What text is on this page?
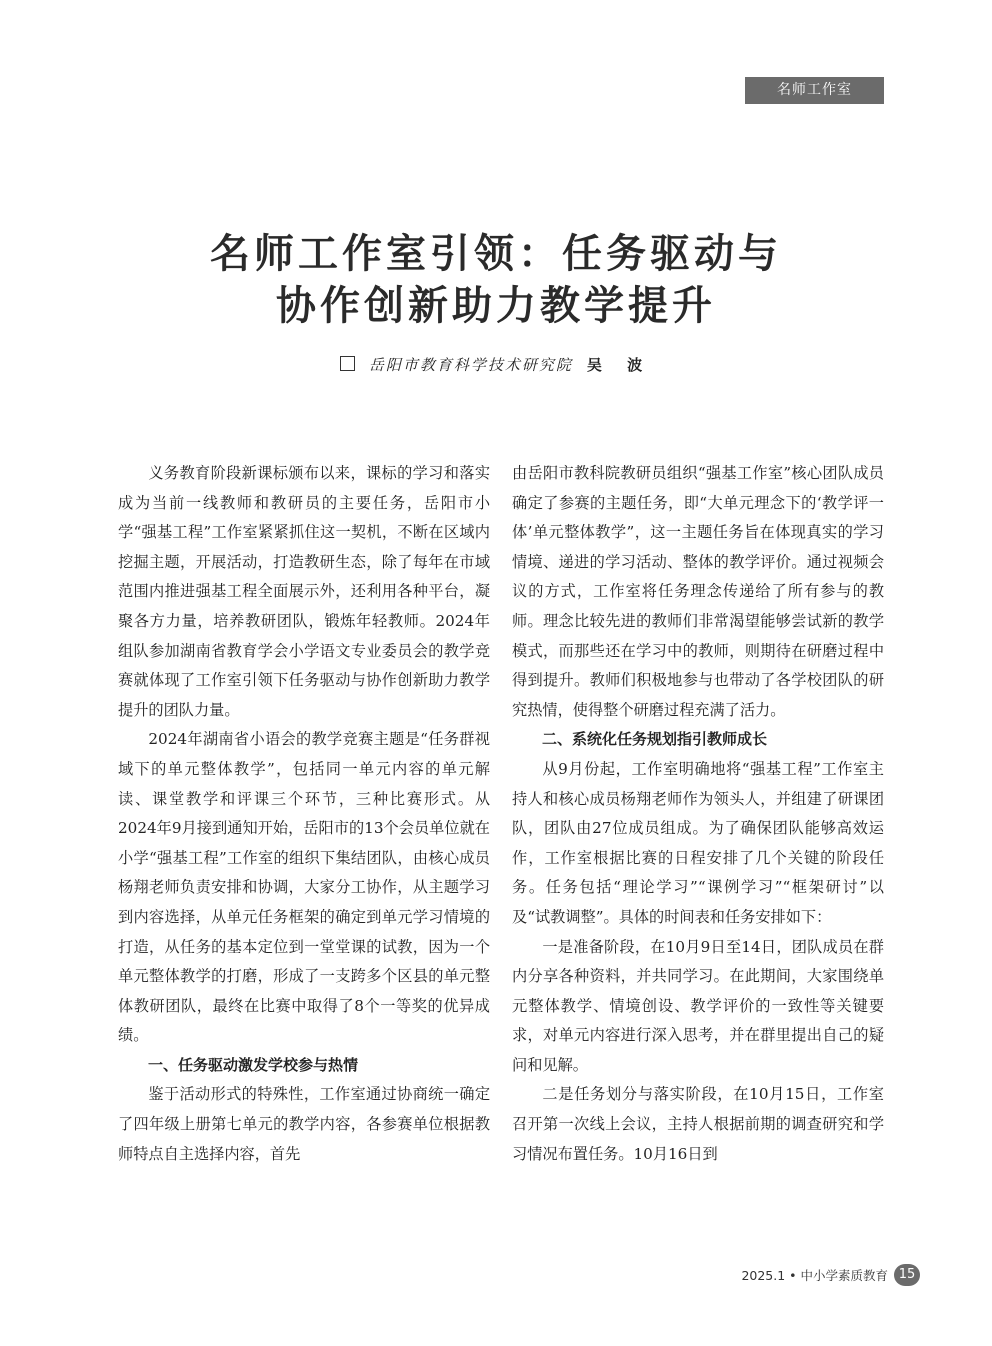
名师工作室
名师工作室引领：任务驱动与
协作创新助力教学提升
岳阳市教育科学技术研究院 吴 波

义务教育阶段新课标颁布以来，课标的学习和落实成为当前一线教师和教研员的主要任务，岳阳市小学“强基工程”工作室紧紧抓住这一契机，不断在区域内挖掘主题，开展活动，打造教研生态，除了每年在市域范围内推进强基工程全面展示外，还利用各种平台，凝聚各方力量，培养教研团队，锻炼年轻教师。2024年组队参加湖南省教育学会小学语文专业委员会的教学竞赛就体现了工作室引领下任务驱动与协作创新助力教学提升的团队力量。

2024年湖南省小语会的教学竞赛主题是“任务群视域下的单元整体教学”，包括同一单元内容的单元解读、课堂教学和评课三个环节，三种比赛形式。从2024年9月接到通知开始，岳阳市的13个会员单位就在小学“强基工程”工作室的组织下集结团队，由核心成员杨翔老师负责安排和协调，大家分工协作，从主题学习到内容选择，从单元任务框架的确定到单元学习情境的打造，从任务的基本定位到一堂堂课的试教，因为一个单元整体教学的打磨，形成了一支跨多个区县的单元整体教研团队，最终在比赛中取得了8个一等奖的优异成绩。

一、任务驱动激发学校参与热情

鉴于活动形式的特殊性，工作室通过协商统一确定了四年级上册第七单元的教学内容，各参赛单位根据教师特点自主选择内容，首先

由岳阳市教科院教研员组织“强基工作室”核心团队成员确定了参赛的主题任务，即“大单元理念下的‘教学评一体’单元整体教学”，这一主题任务旨在体现真实的学习情境、递进的学习活动、整体的教学评价。通过视频会议的方式，工作室将任务理念传递给了所有参与的教师。理念比较先进的教师们非常渴望能够尝试新的教学模式，而那些还在学习中的教师，则期待在研磨过程中得到提升。教师们积极地参与也带动了各学校团队的研究热情，使得整个研磨过程充满了活力。

二、系统化任务规划指引教师成长

从9月份起，工作室明确地将“强基工程”工作室主持人和核心成员杨翔老师作为领头人，并组建了研课团队，团队由27位成员组成。为了确保团队能够高效运作，工作室根据比赛的日程安排了几个关键的阶段任务。任务包括“理论学习”“课例学习”“框架研讨”以及“试教调整”。具体的时间表和任务安排如下：

一是准备阶段，在10月9日至14日，团队成员在群内分享各种资料，并共同学习。在此期间，大家围绕单元整体教学、情境创设、教学评价的一致性等关键要求，对单元内容进行深入思考，并在群里提出自己的疑问和见解。

二是任务划分与落实阶段，在10月15日，工作室召开第一次线上会议，主持人根据前期的调查研究和学习情况布置任务。10月16日到

2025.1 • 中小学素质教育 15
